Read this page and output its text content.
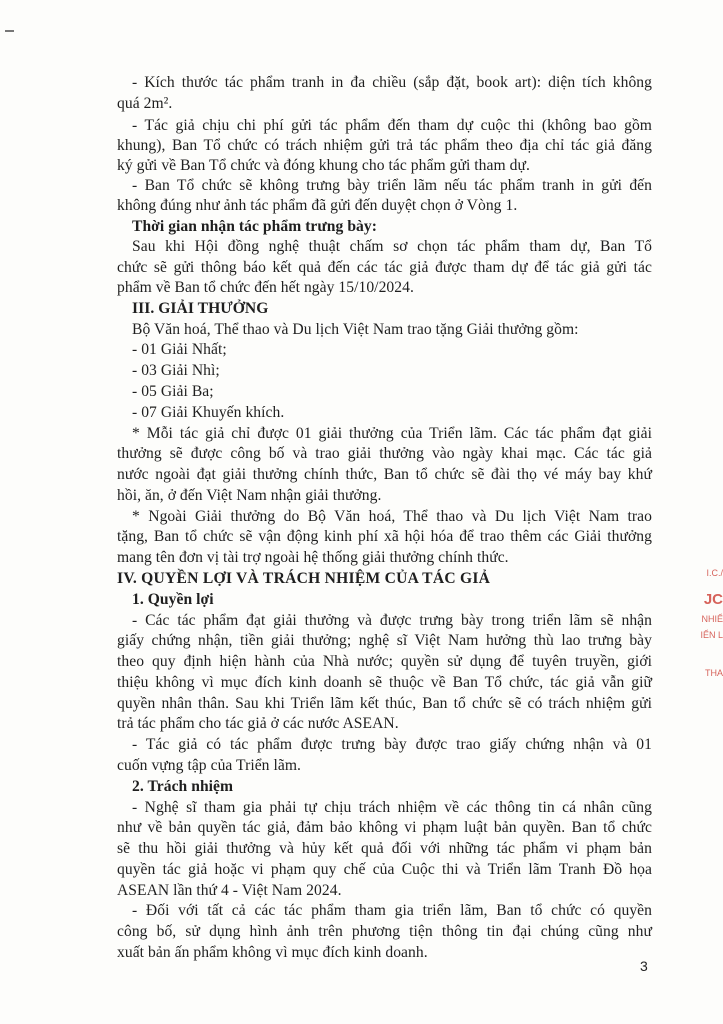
- Kích thước tác phẩm tranh in đa chiều (sắp đặt, book art): diện tích không
quá 2m².
- Tác giả chịu chi phí gửi tác phẩm đến tham dự cuộc thi (không bao gồm
khung), Ban Tổ chức có trách nhiệm gửi trả tác phẩm theo địa chỉ tác giả đăng
ký gửi về Ban Tổ chức và đóng khung cho tác phẩm gửi tham dự.
- Ban Tổ chức sẽ không trưng bày triển lãm nếu tác phẩm tranh in gửi đến
không đúng như ảnh tác phẩm đã gửi đến duyệt chọn ở Vòng 1.
Thời gian nhận tác phẩm trưng bày:
Sau khi Hội đồng nghệ thuật chấm sơ chọn tác phẩm tham dự, Ban Tổ
chức sẽ gửi thông báo kết quả đến các tác giả được tham dự để tác giả gửi tác
phẩm về Ban tổ chức đến hết ngày 15/10/2024.
III. GIẢI THƯỞNG
Bộ Văn hoá, Thể thao và Du lịch Việt Nam trao tặng Giải thưởng gồm:
- 01 Giải Nhất;
- 03 Giải Nhì;
- 05 Giải Ba;
- 07 Giải Khuyến khích.
* Mỗi tác giả chỉ được 01 giải thưởng của Triển lãm. Các tác phẩm đạt giải
thưởng sẽ được công bố và trao giải thưởng vào ngày khai mạc. Các tác giả
nước ngoài đạt giải thưởng chính thức, Ban tổ chức sẽ đài thọ vé máy bay khứ
hồi, ăn, ở đến Việt Nam nhận giải thưởng.
* Ngoài Giải thưởng do Bộ Văn hoá, Thể thao và Du lịch Việt Nam trao
tặng, Ban tổ chức sẽ vận động kinh phí xã hội hóa để trao thêm các Giải thưởng
mang tên đơn vị tài trợ ngoài hệ thống giải thưởng chính thức.
IV. QUYỀN LỢI VÀ TRÁCH NHIỆM CỦA TÁC GIẢ
1. Quyền lợi
- Các tác phẩm đạt giải thưởng và được trưng bày trong triển lãm sẽ nhận
giấy chứng nhận, tiền giải thưởng; nghệ sĩ Việt Nam hưởng thù lao trưng bày
theo quy định hiện hành của Nhà nước; quyền sử dụng để tuyên truyền, giới
thiệu không vì mục đích kinh doanh sẽ thuộc về Ban Tổ chức, tác giả vẫn giữ
quyền nhân thân. Sau khi Triển lãm kết thúc, Ban tổ chức sẽ có trách nhiệm gửi
trả tác phẩm cho tác giả ở các nước ASEAN.
- Tác giả có tác phẩm được trưng bày được trao giấy chứng nhận và 01
cuốn vựng tập của Triển lãm.
2. Trách nhiệm
- Nghệ sĩ tham gia phải tự chịu trách nhiệm về các thông tin cá nhân cũng
như về bản quyền tác giả, đảm bảo không vi phạm luật bản quyền. Ban tổ chức
sẽ thu hồi giải thưởng và hủy kết quả đối với những tác phẩm vi phạm bản
quyền tác giả hoặc vi phạm quy chế của Cuộc thi và Triển lãm Tranh Đồ họa
ASEAN lần thứ 4 - Việt Nam 2024.
- Đối với tất cả các tác phẩm tham gia triển lãm, Ban tổ chức có quyền
công bố, sử dụng hình ảnh trên phương tiện thông tin đại chúng cũng như
xuất bản ấn phẩm không vì mục đích kinh doanh.
3
I.C./
JC
NHIỂ
IỂN L
THA
